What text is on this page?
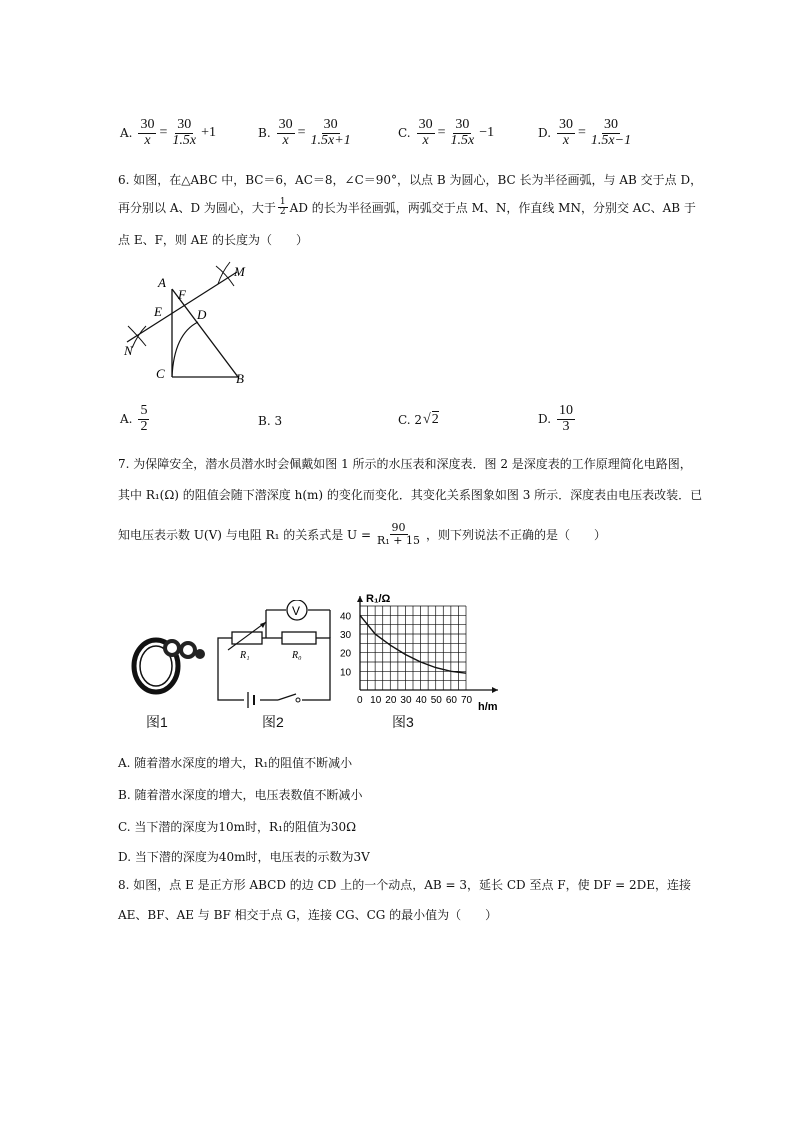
A. $\frac{30}{x} = \frac{30}{1.5x} +1$	B. $\frac{30}{x} = \frac{30}{1.5x+1}$	C. $\frac{30}{x} = \frac{30}{1.5x} -1$	D. $\frac{30}{x} = \frac{30}{1.5x-1}$
6. 如图，在△ABC 中，BC＝6，AC＝8，∠C＝90°，以点 B 为圆心，BC 长为半径画弧，与 AB 交于点 D，
再分别以 A、D 为圆心，大于 $\frac{1}{2}$ AD 的长为半径画弧，两弧交于点 M、N，作直线 MN，分别交 AC、AB 于
点 E、F，则 AE 的长度为（　　）
A
F
E	D
M
N
C	B
A. $\frac{5}{2}$	B. 3	C. 2 √ 2	D. $\frac{10}{3}$
7. 为保障安全，潜水员潜水时会佩戴如图 1 所示的水压表和深度表．图 2 是深度表的工作原理简化电路图，
其中 R₁(Ω) 的阻值会随下潜深度 h(m) 的变化而变化．其变化关系图象如图 3 所示．深度表由电压表改装．已
知电压表示数 U(V) 与电阻 R₁ 的关系式是 $U = \frac{90}{\text{R₁ + 15}}$ ，则下列说法不正确的是（　　）
图1
V
R₁	R₀
图2
R₁/Ω
h/m
0 10 20 30 40 50 60 70
10
20
30
40
图3
A. 随着潜水深度的增大，R₁的阻值不断减小
B. 随着潜水深度的增大，电压表数值不断减小
C. 当下潜的深度为10m时，R₁的阻值为30Ω
D. 当下潜的深度为40m时，电压表的示数为3V
8. 如图，点 E 是正方形 ABCD 的边 CD 上的一个动点，AB = 3，延长 CD 至点 F，使 DF = 2DE，连接
AE、BF、AE 与 BF 相交于点 G，连接 CG、CG 的最小值为（　　）
